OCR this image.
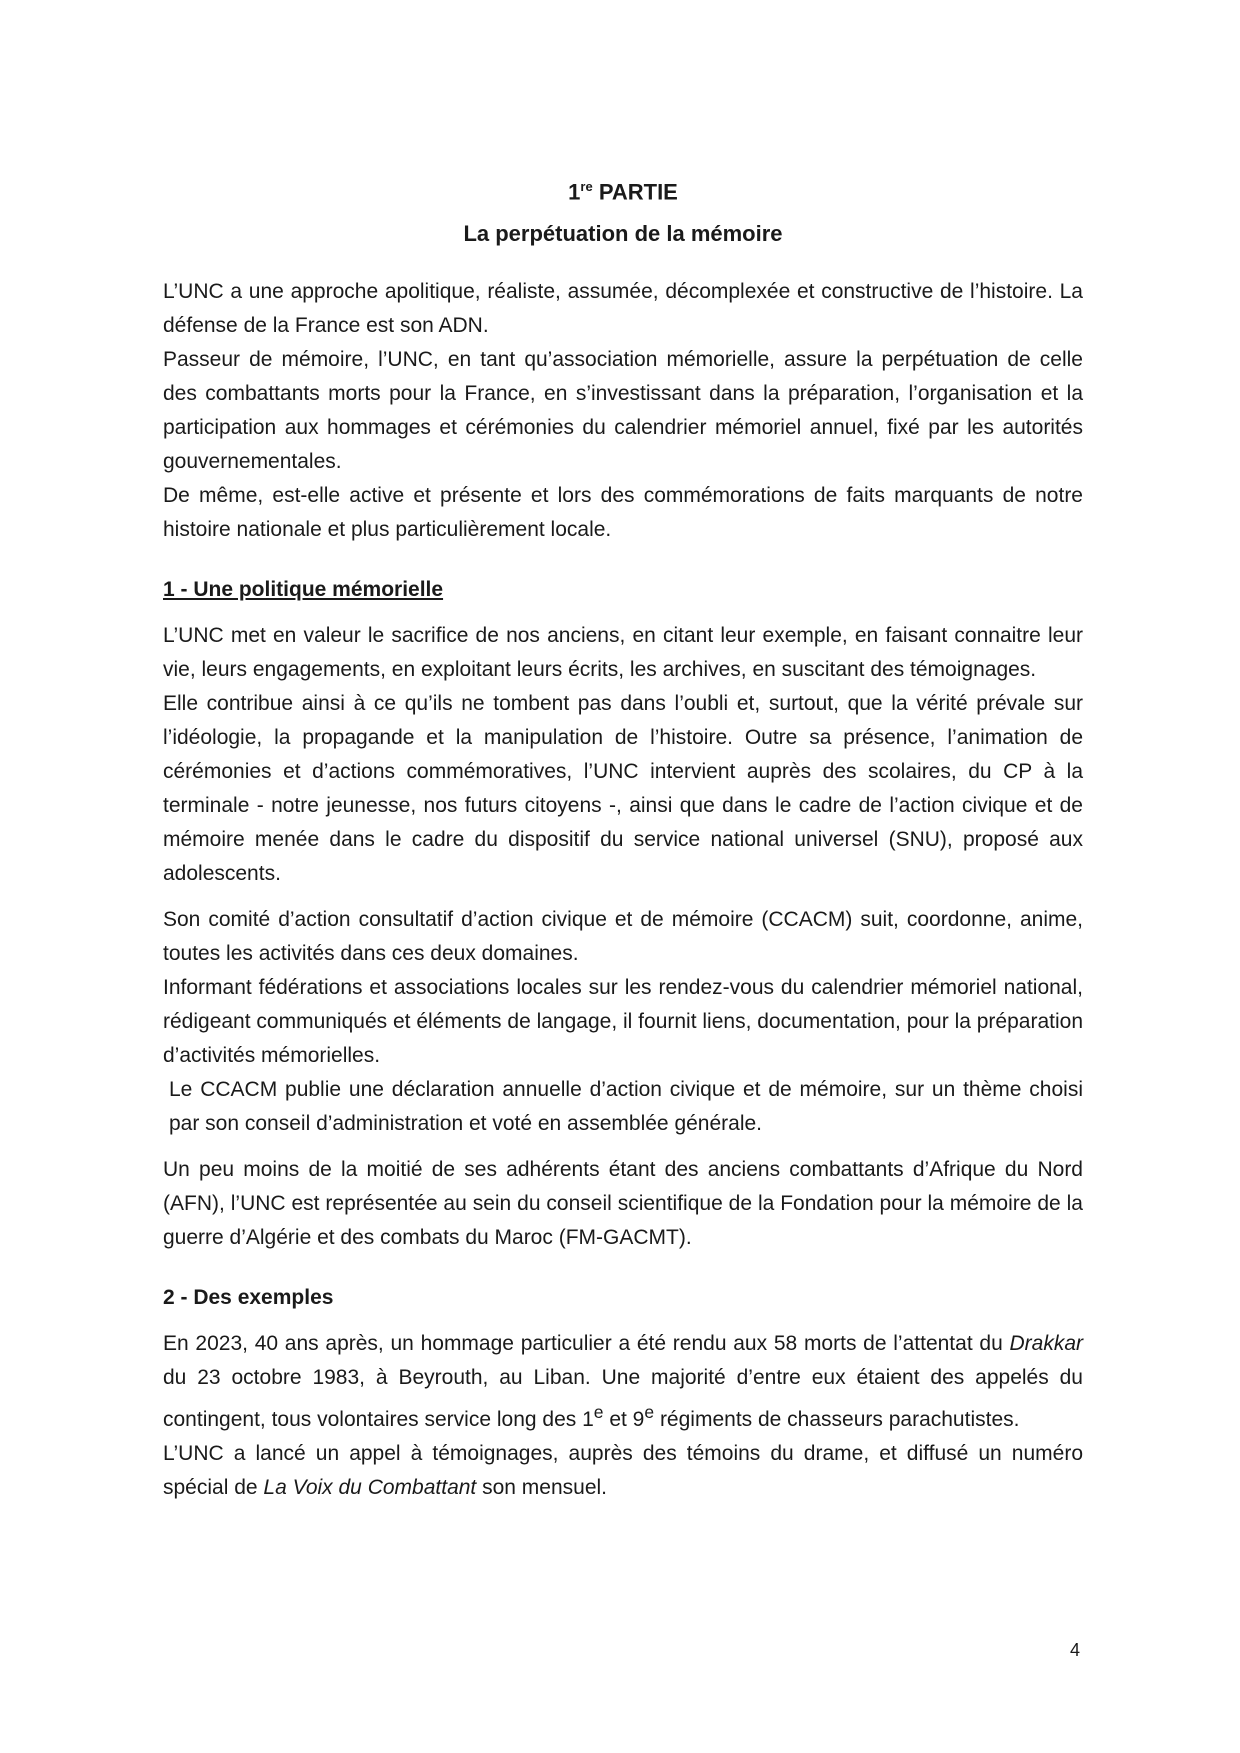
1re PARTIE
La perpétuation de la mémoire

L’UNC a une approche apolitique, réaliste, assumée, décomplexée et constructive de l’histoire. La défense de la France est son ADN.

Passeur de mémoire, l’UNC, en tant qu’association mémorielle, assure la perpétuation de celle des combattants morts pour la France, en s’investissant dans la préparation, l’organisation et la participation aux hommages et cérémonies du calendrier mémoriel annuel, fixé par les autorités gouvernementales.

De même, est-elle active et présente et lors des commémorations de faits marquants de notre histoire nationale et plus particulièrement locale.

1 - Une politique mémorielle

L’UNC met en valeur le sacrifice de nos anciens, en citant leur exemple, en faisant connaitre leur vie, leurs engagements, en exploitant leurs écrits, les archives, en suscitant des témoignages.

Elle contribue ainsi à ce qu’ils ne tombent pas dans l’oubli et, surtout, que la vérité prévale sur l’idéologie, la propagande et la manipulation de l’histoire. Outre sa présence, l’animation de cérémonies et d’actions commémoratives, l’UNC intervient auprès des scolaires, du CP à la terminale - notre jeunesse, nos futurs citoyens -, ainsi que dans le cadre de l’action civique et de mémoire menée dans le cadre du dispositif du service national universel (SNU), proposé aux adolescents.

Son comité d’action consultatif d’action civique et de mémoire (CCACM) suit, coordonne, anime, toutes les activités dans ces deux domaines.

Informant fédérations et associations locales sur les rendez-vous du calendrier mémoriel national, rédigeant communiqués et éléments de langage, il fournit liens, documentation, pour la préparation d’activités mémorielles.

Le CCACM publie une déclaration annuelle d’action civique et de mémoire, sur un thème choisi par son conseil d’administration et voté en assemblée générale.

Un peu moins de la moitié de ses adhérents étant des anciens combattants d’Afrique du Nord (AFN), l’UNC est représentée au sein du conseil scientifique de la Fondation pour la mémoire de la guerre d’Algérie et des combats du Maroc (FM-GACMT).

2 - Des exemples

En 2023, 40 ans après, un hommage particulier a été rendu aux 58 morts de l’attentat du Drakkar du 23 octobre 1983, à Beyrouth, au Liban. Une majorité d’entre eux étaient des appelés du contingent, tous volontaires service long des 1e et 9e régiments de chasseurs parachutistes.

L’UNC a lancé un appel à témoignages, auprès des témoins du drame, et diffusé un numéro spécial de La Voix du Combattant son mensuel.

4
